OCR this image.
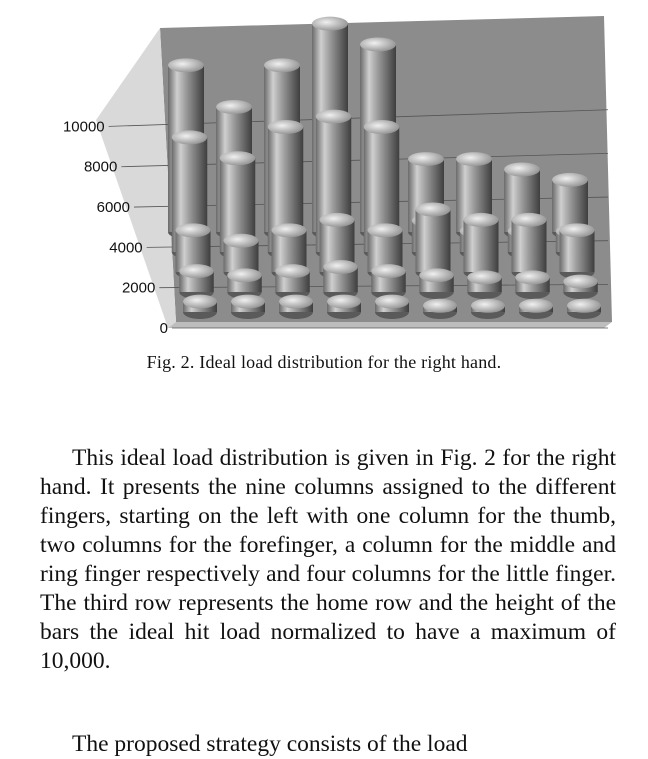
0
2000
4000
6000
8000
10000
Fig. 2. Ideal load distribution for the right hand.

This ideal load distribution is given in Fig. 2 for the right hand. It presents the nine columns assigned to the different fingers, starting on the left with one column for the thumb, two columns for the forefinger, a column for the middle and ring finger respectively and four columns for the little finger. The third row represents the home row and the height of the bars the ideal hit load normalized to have a maximum of 10,000.

The proposed strategy consists of the load
